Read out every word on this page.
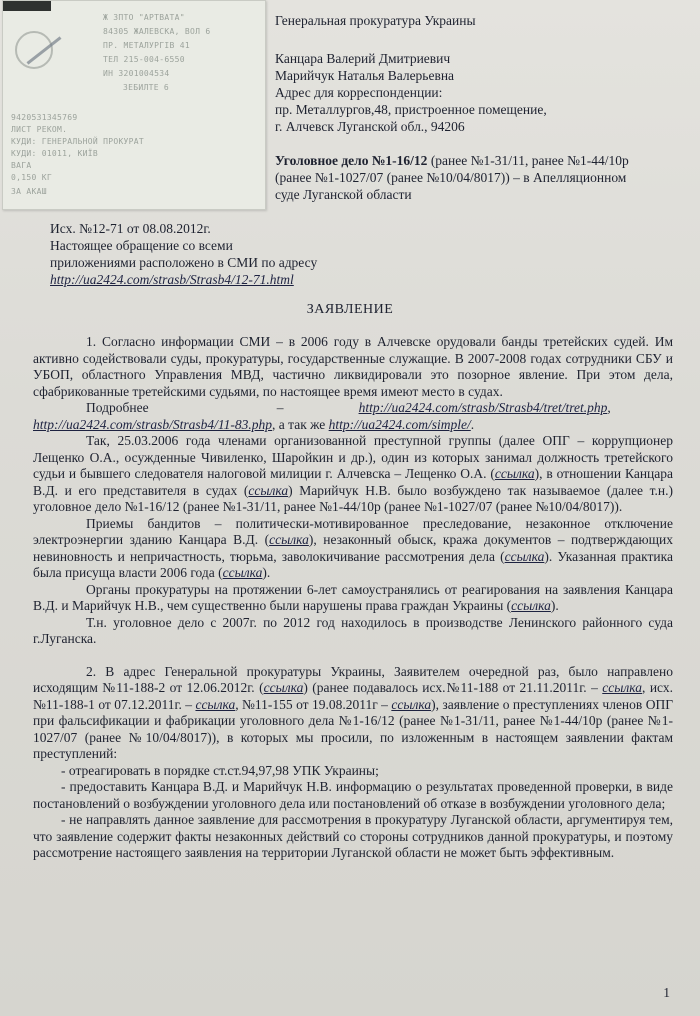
Ж ЗПТО "АРТВАТА"
84305 ЖАЛЕВСКА, ВОЛ 6
ПР. МЕТАЛУРГІВ 41
ТЕЛ 215-004-6550
ИН 3201004534
ЗЕБИЛТЕ 6
9420531345769
ЛИСТ РЕКОМ.
КУДИ: ГЕНЕРАЛЬНОЙ ПРОКУРАТ
КУДИ: 01011, КИЇВ
ВАГА
0,150 КГ
ЗА АКАШ
Генеральная прокуратура Украины
Канцара Валерий Дмитриевич
Марийчук Наталья Валерьевна
Адрес для корреспонденции:
пр. Металлургов,48, пристроенное помещение,
г. Алчевск Луганской обл., 94206
Уголовное дело №1-16/12 (ранее №1-31/11, ранее №1-44/10р
(ранее №1-1027/07 (ранее №10/04/8017)) – в Апелляционном
суде Луганской области
Исх. №12-71 от 08.08.2012г.
Настоящее обращение со всеми
приложениями расположено в СМИ по адресу
http://ua2424.com/strasb/Strasb4/12-71.html
ЗАЯВЛЕНИЕ

1. Согласно информации СМИ – в 2006 году в Алчевске орудовали банды третейских судей. Им активно содействовали суды, прокуратуры, государственные служащие. В 2007-2008 годах сотрудники СБУ и УБОП, областного Управления МВД, частично ликвидировали это позорное явление. При этом дела, сфабрикованные третейскими судьями, по настоящее время имеют место в судах.

Подробнее	–	http://ua2424.com/strasb/Strasb4/tret/tret.php, http://ua2424.com/strasb/Strasb4/11-83.php, а так же http://ua2424.com/simple/.

Так, 25.03.2006 года членами организованной преступной группы (далее ОПГ – коррупционер Лещенко О.А., осужденные Чивиленко, Шаройкин и др.), один из которых занимал должность третейского судьи и бывшего следователя налоговой милиции г. Алчевска – Лещенко О.А. (ссылка), в отношении Канцара В.Д. и его представителя в судах (ссылка) Марийчук Н.В. было возбуждено так называемое (далее т.н.) уголовное дело №1-16/12 (ранее №1-31/11, ранее №1-44/10р (ранее №1-1027/07 (ранее №10/04/8017)).

Приемы бандитов – политически-мотивированное преследование, незаконное отключение электроэнергии зданию Канцара В.Д. (ссылка), незаконный обыск, кража документов – подтверждающих невиновность и непричастность, тюрьма, заволокичивание рассмотрения дела (ссылка). Указанная практика была присуща власти 2006 года (ссылка).

Органы прокуратуры на протяжении 6-лет самоустранялись от реагирования на заявления Канцара В.Д. и Марийчук Н.В., чем существенно были нарушены права граждан Украины (ссылка).

Т.н. уголовное дело с 2007г. по 2012 год находилось в производстве Ленинского районного суда г.Луганска.

2. В адрес Генеральной прокуратуры Украины, Заявителем очередной раз, было направлено исходящим №11-188-2 от 12.06.2012г. (ссылка) (ранее подавалось исх.№11-188 от 21.11.2011г. – ссылка, исх.№11-188-1 от 07.12.2011г. – ссылка, №11-155 от 19.08.2011г – ссылка), заявление о преступлениях членов ОПГ при фальсификации и фабрикации уголовного дела №1-16/12 (ранее №1-31/11, ранее №1-44/10р (ранее №1-1027/07 (ранее №10/04/8017)), в которых мы просили, по изложенным в настоящем заявлении фактам преступлений:

- отреагировать в порядке ст.ст.94,97,98 УПК Украины;

- предоставить Канцара В.Д. и Марийчук Н.В. информацию о результатах проведенной проверки, в виде постановлений о возбуждении уголовного дела или постановлений об отказе в возбуждении уголовного дела;

- не направлять данное заявление для рассмотрения в прокуратуру Луганской области, аргументируя тем, что заявление содержит факты незаконных действий со стороны сотрудников данной прокуратуры, и поэтому рассмотрение настоящего заявления на территории Луганской области не может быть эффективным.

1
